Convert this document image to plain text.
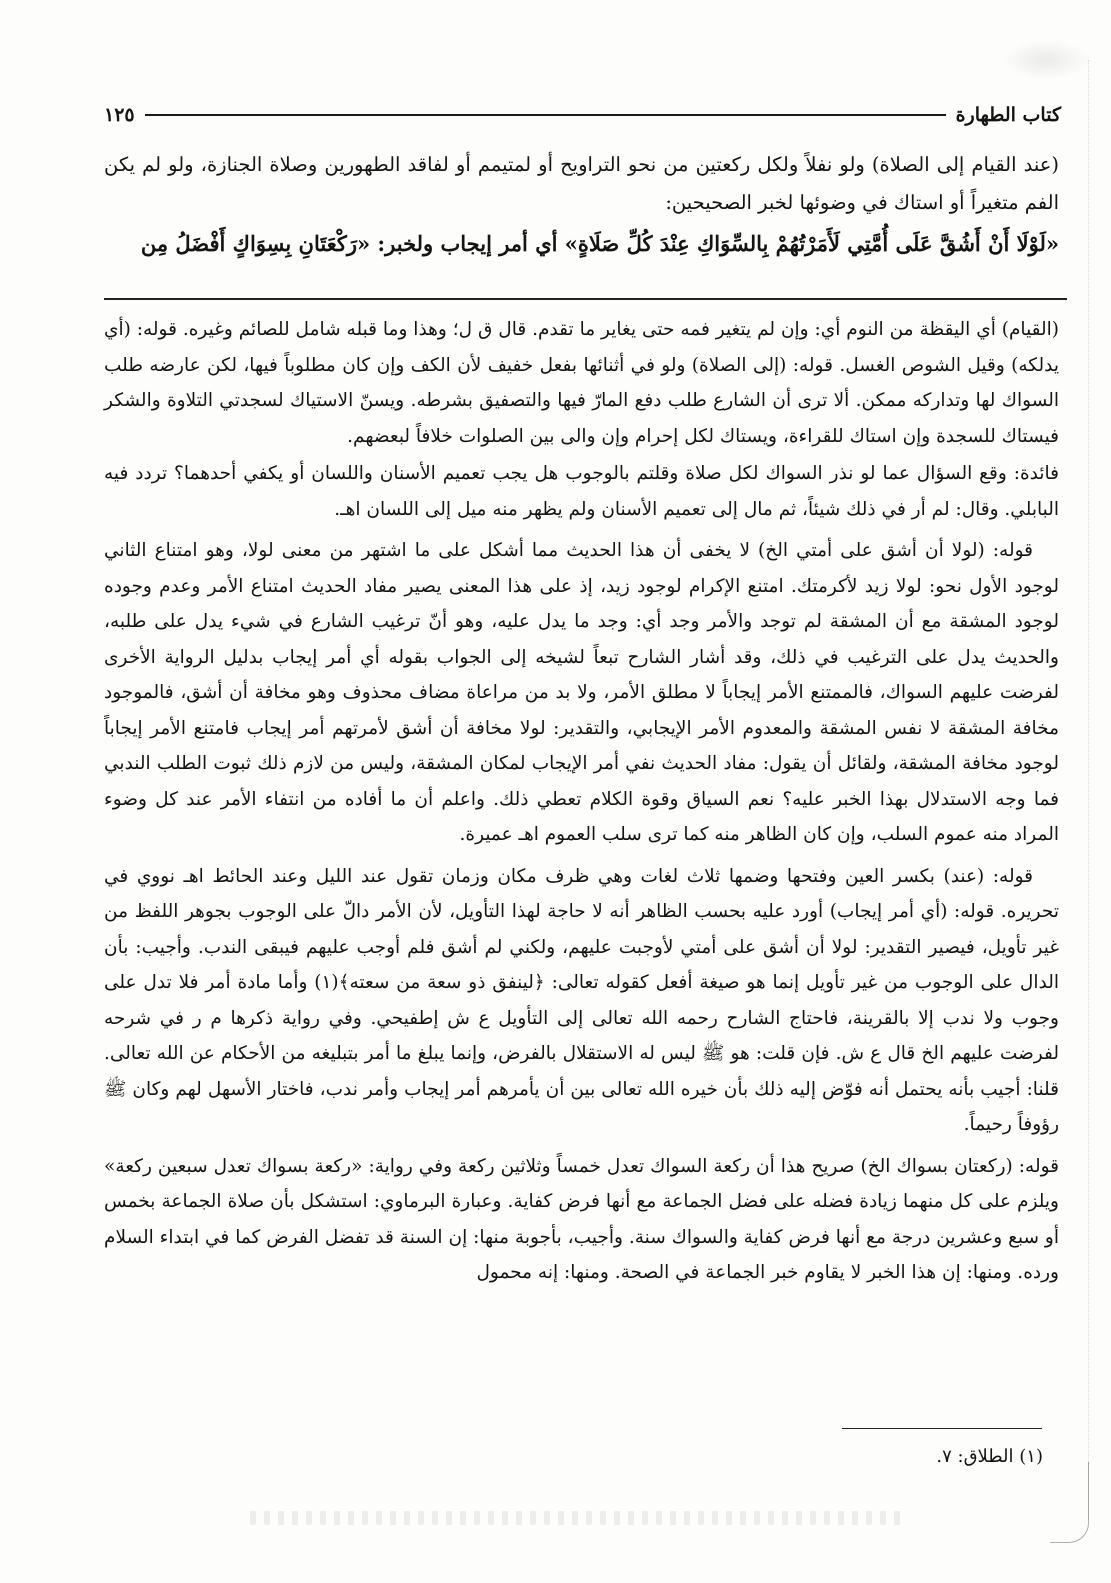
كتاب الطهارة
١٢٥
(عند القيام إلى الصلاة) ولو نفلاً ولكل ركعتين من نحو التراويح أو لمتيمم أو لفاقد الطهورين وصلاة الجنازة، ولو لم يكن الفم متغيراً أو استاك في وضوئها لخبر الصحيحين:
«لَوْلَا أَنْ أَشُقَّ عَلَى أُمَّتِي لَأَمَرْتُهُمْ بِالسِّوَاكِ عِنْدَ كُلِّ صَلَاةٍ» أي أمر إيجاب ولخبر: «رَكْعَتَانِ بِسِوَاكٍ أَفْضَلُ مِن

(القيام) أي اليقظة من النوم أي: وإن لم يتغير فمه حتى يغاير ما تقدم. قال ق ل؛ وهذا وما قبله شامل للصائم وغيره. قوله: (أي يدلكه) وقيل الشوص الغسل. قوله: (إلى الصلاة) ولو في أثنائها بفعل خفيف لأن الكف وإن كان مطلوباً فيها، لكن عارضه طلب السواك لها وتداركه ممكن. ألا ترى أن الشارع طلب دفع المارّ فيها والتصفيق بشرطه. ويسنّ الاستياك لسجدتي التلاوة والشكر فيستاك للسجدة وإن استاك للقراءة، ويستاك لكل إحرام وإن والى بين الصلوات خلافاً لبعضهم.

فائدة: وقع السؤال عما لو نذر السواك لكل صلاة وقلتم بالوجوب هل يجب تعميم الأسنان واللسان أو يكفي أحدهما؟ تردد فيه البابلي. وقال: لم أر في ذلك شيئاً، ثم مال إلى تعميم الأسنان ولم يظهر منه ميل إلى اللسان اهـ.

قوله: (لولا أن أشق على أمتي الخ) لا يخفى أن هذا الحديث مما أشكل على ما اشتهر من معنى لولا، وهو امتناع الثاني لوجود الأول نحو: لولا زيد لأكرمتك. امتنع الإكرام لوجود زيد، إذ على هذا المعنى يصير مفاد الحديث امتناع الأمر وعدم وجوده لوجود المشقة مع أن المشقة لم توجد والأمر وجد أي: وجد ما يدل عليه، وهو أنّ ترغيب الشارع في شيء يدل على طلبه، والحديث يدل على الترغيب في ذلك، وقد أشار الشارح تبعاً لشيخه إلى الجواب بقوله أي أمر إيجاب بدليل الرواية الأخرى لفرضت عليهم السواك، فالممتنع الأمر إيجاباً لا مطلق الأمر، ولا بد من مراعاة مضاف محذوف وهو مخافة أن أشق، فالموجود مخافة المشقة لا نفس المشقة والمعدوم الأمر الإيجابي، والتقدير: لولا مخافة أن أشق لأمرتهم أمر إيجاب فامتنع الأمر إيجاباً لوجود مخافة المشقة، ولقائل أن يقول: مفاد الحديث نفي أمر الإيجاب لمكان المشقة، وليس من لازم ذلك ثبوت الطلب الندبي فما وجه الاستدلال بهذا الخبر عليه؟ نعم السياق وقوة الكلام تعطي ذلك. واعلم أن ما أفاده من انتفاء الأمر عند كل وضوء المراد منه عموم السلب، وإن كان الظاهر منه كما ترى سلب العموم اهـ عميرة.

قوله: (عند) بكسر العين وفتحها وضمها ثلاث لغات وهي ظرف مكان وزمان تقول عند الليل وعند الحائط اهـ نووي في تحريره. قوله: (أي أمر إيجاب) أورد عليه بحسب الظاهر أنه لا حاجة لهذا التأويل، لأن الأمر دالّ على الوجوب بجوهر اللفظ من غير تأويل، فيصير التقدير: لولا أن أشق على أمتي لأوجبت عليهم، ولكني لم أشق فلم أوجب عليهم فيبقى الندب. وأجيب: بأن الدال على الوجوب من غير تأويل إنما هو صيغة أفعل كقوله تعالى: ﴿لينفق ذو سعة من سعته﴾(١) وأما مادة أمر فلا تدل على وجوب ولا ندب إلا بالقرينة، فاحتاج الشارح رحمه الله تعالى إلى التأويل ع ش إطفيحي. وفي رواية ذكرها م ر في شرحه لفرضت عليهم الخ قال ع ش. فإن قلت: هو ﷺ ليس له الاستقلال بالفرض، وإنما يبلغ ما أمر بتبليغه من الأحكام عن الله تعالى. قلنا: أجيب بأنه يحتمل أنه فوّض إليه ذلك بأن خيره الله تعالى بين أن يأمرهم أمر إيجاب وأمر ندب، فاختار الأسهل لهم وكان ﷺ رؤوفاً رحيماً.

قوله: (ركعتان بسواك الخ) صريح هذا أن ركعة السواك تعدل خمساً وثلاثين ركعة وفي رواية: «ركعة بسواك تعدل سبعين ركعة» ويلزم على كل منهما زيادة فضله على فضل الجماعة مع أنها فرض كفاية. وعبارة البرماوي: استشكل بأن صلاة الجماعة بخمس أو سبع وعشرين درجة مع أنها فرض كفاية والسواك سنة. وأجيب، بأجوبة منها: إن السنة قد تفضل الفرض كما في ابتداء السلام ورده. ومنها: إن هذا الخبر لا يقاوم خبر الجماعة في الصحة. ومنها: إنه محمول

(١) الطلاق: ٧.
